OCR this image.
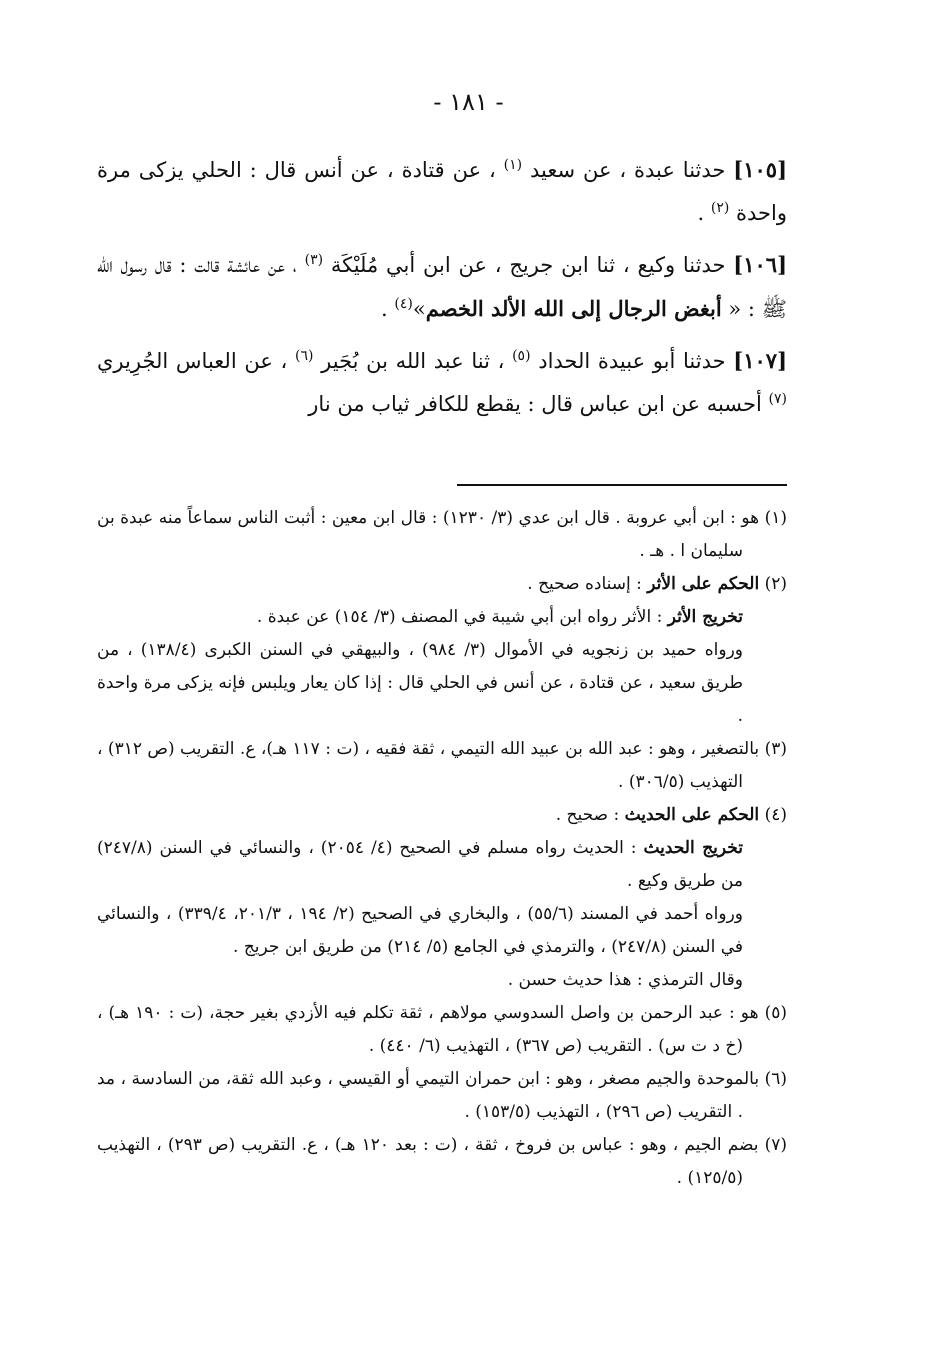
- ١٨١ -

[١٠٥] حدثنا عبدة ، عن سعيد $^{(١)}$ ، عن قتادة ، عن أنس قال : الحلي يزكى مرة واحدة $^{(٢)}$ .

[١٠٦] حدثنا وكيع ، ثنا ابن جريج ، عن ابن أبي مُلَيْكَة $^{(٣)}$ ، عن عائشة قالت : قال رسول الله ﷺ : « أبغض الرجال إلى الله الألد الخصم»$^{(٤)}$ .

[١٠٧] حدثنا أبو عبيدة الحداد $^{(٥)}$ ، ثنا عبد الله بن بُجَير $^{(٦)}$ ، عن العباس الجُرِيري $^{(٧)}$ أحسبه عن ابن عباس قال : يقطع للكافر ثياب من نار

(١) هو : ابن أبي عروبة . قال ابن عدي (٣/ ١٢٣٠) : قال ابن معين : أثبت الناس سماعاً منه عبدة بن سليمان ا . هـ .

(٢) الحكم على الأثر : إسناده صحيح .

تخريج الأثر : الأثر رواه ابن أبي شيبة في المصنف (٣/ ١٥٤) عن عبدة .

ورواه حميد بن زنجويه في الأموال (٣/ ٩٨٤) ، والبيهقي في السنن الكبرى (١٣٨/٤) ، من طريق سعيد ، عن قتادة ، عن أنس في الحلي قال : إذا كان يعار ويلبس فإنه يزكى مرة واحدة .

(٣) بالتصغير ، وهو : عبد الله بن عبيد الله التيمي ، ثقة فقيه ، (ت : ١١٧ هـ)، ع. التقريب (ص ٣١٢) ، التهذيب (٣٠٦/٥) .

(٤) الحكم على الحديث : صحيح .

تخريج الحديث : الحديث رواه مسلم في الصحيح (٤/ ٢٠٥٤) ، والنسائي في السنن (٢٤٧/٨) من طريق وكيع .

ورواه أحمد في المسند (٥٥/٦) ، والبخاري في الصحيح (٢/ ١٩٤ ، ٢٠١/٣، ٣٣٩/٤) ، والنسائي في السنن (٢٤٧/٨) ، والترمذي في الجامع (٥/ ٢١٤) من طريق ابن جريج .

وقال الترمذي : هذا حديث حسن .

(٥) هو : عبد الرحمن بن واصل السدوسي مولاهم ، ثقة تكلم فيه الأزدي بغير حجة، (ت : ١٩٠ هـ) ، (خ د ت س) . التقريب (ص ٣٦٧) ، التهذيب (٦/ ٤٤٠) .

(٦) بالموحدة والجيم مصغر ، وهو : ابن حمران التيمي أو القيسي ، وعبد الله ثقة، من السادسة ، مد . التقريب (ص ٢٩٦) ، التهذيب (١٥٣/٥) .

(٧) بضم الجيم ، وهو : عباس بن فروخ ، ثقة ، (ت : بعد ١٢٠ هـ) ، ع. التقريب (ص ٢٩٣) ، التهذيب (١٢٥/٥) .
